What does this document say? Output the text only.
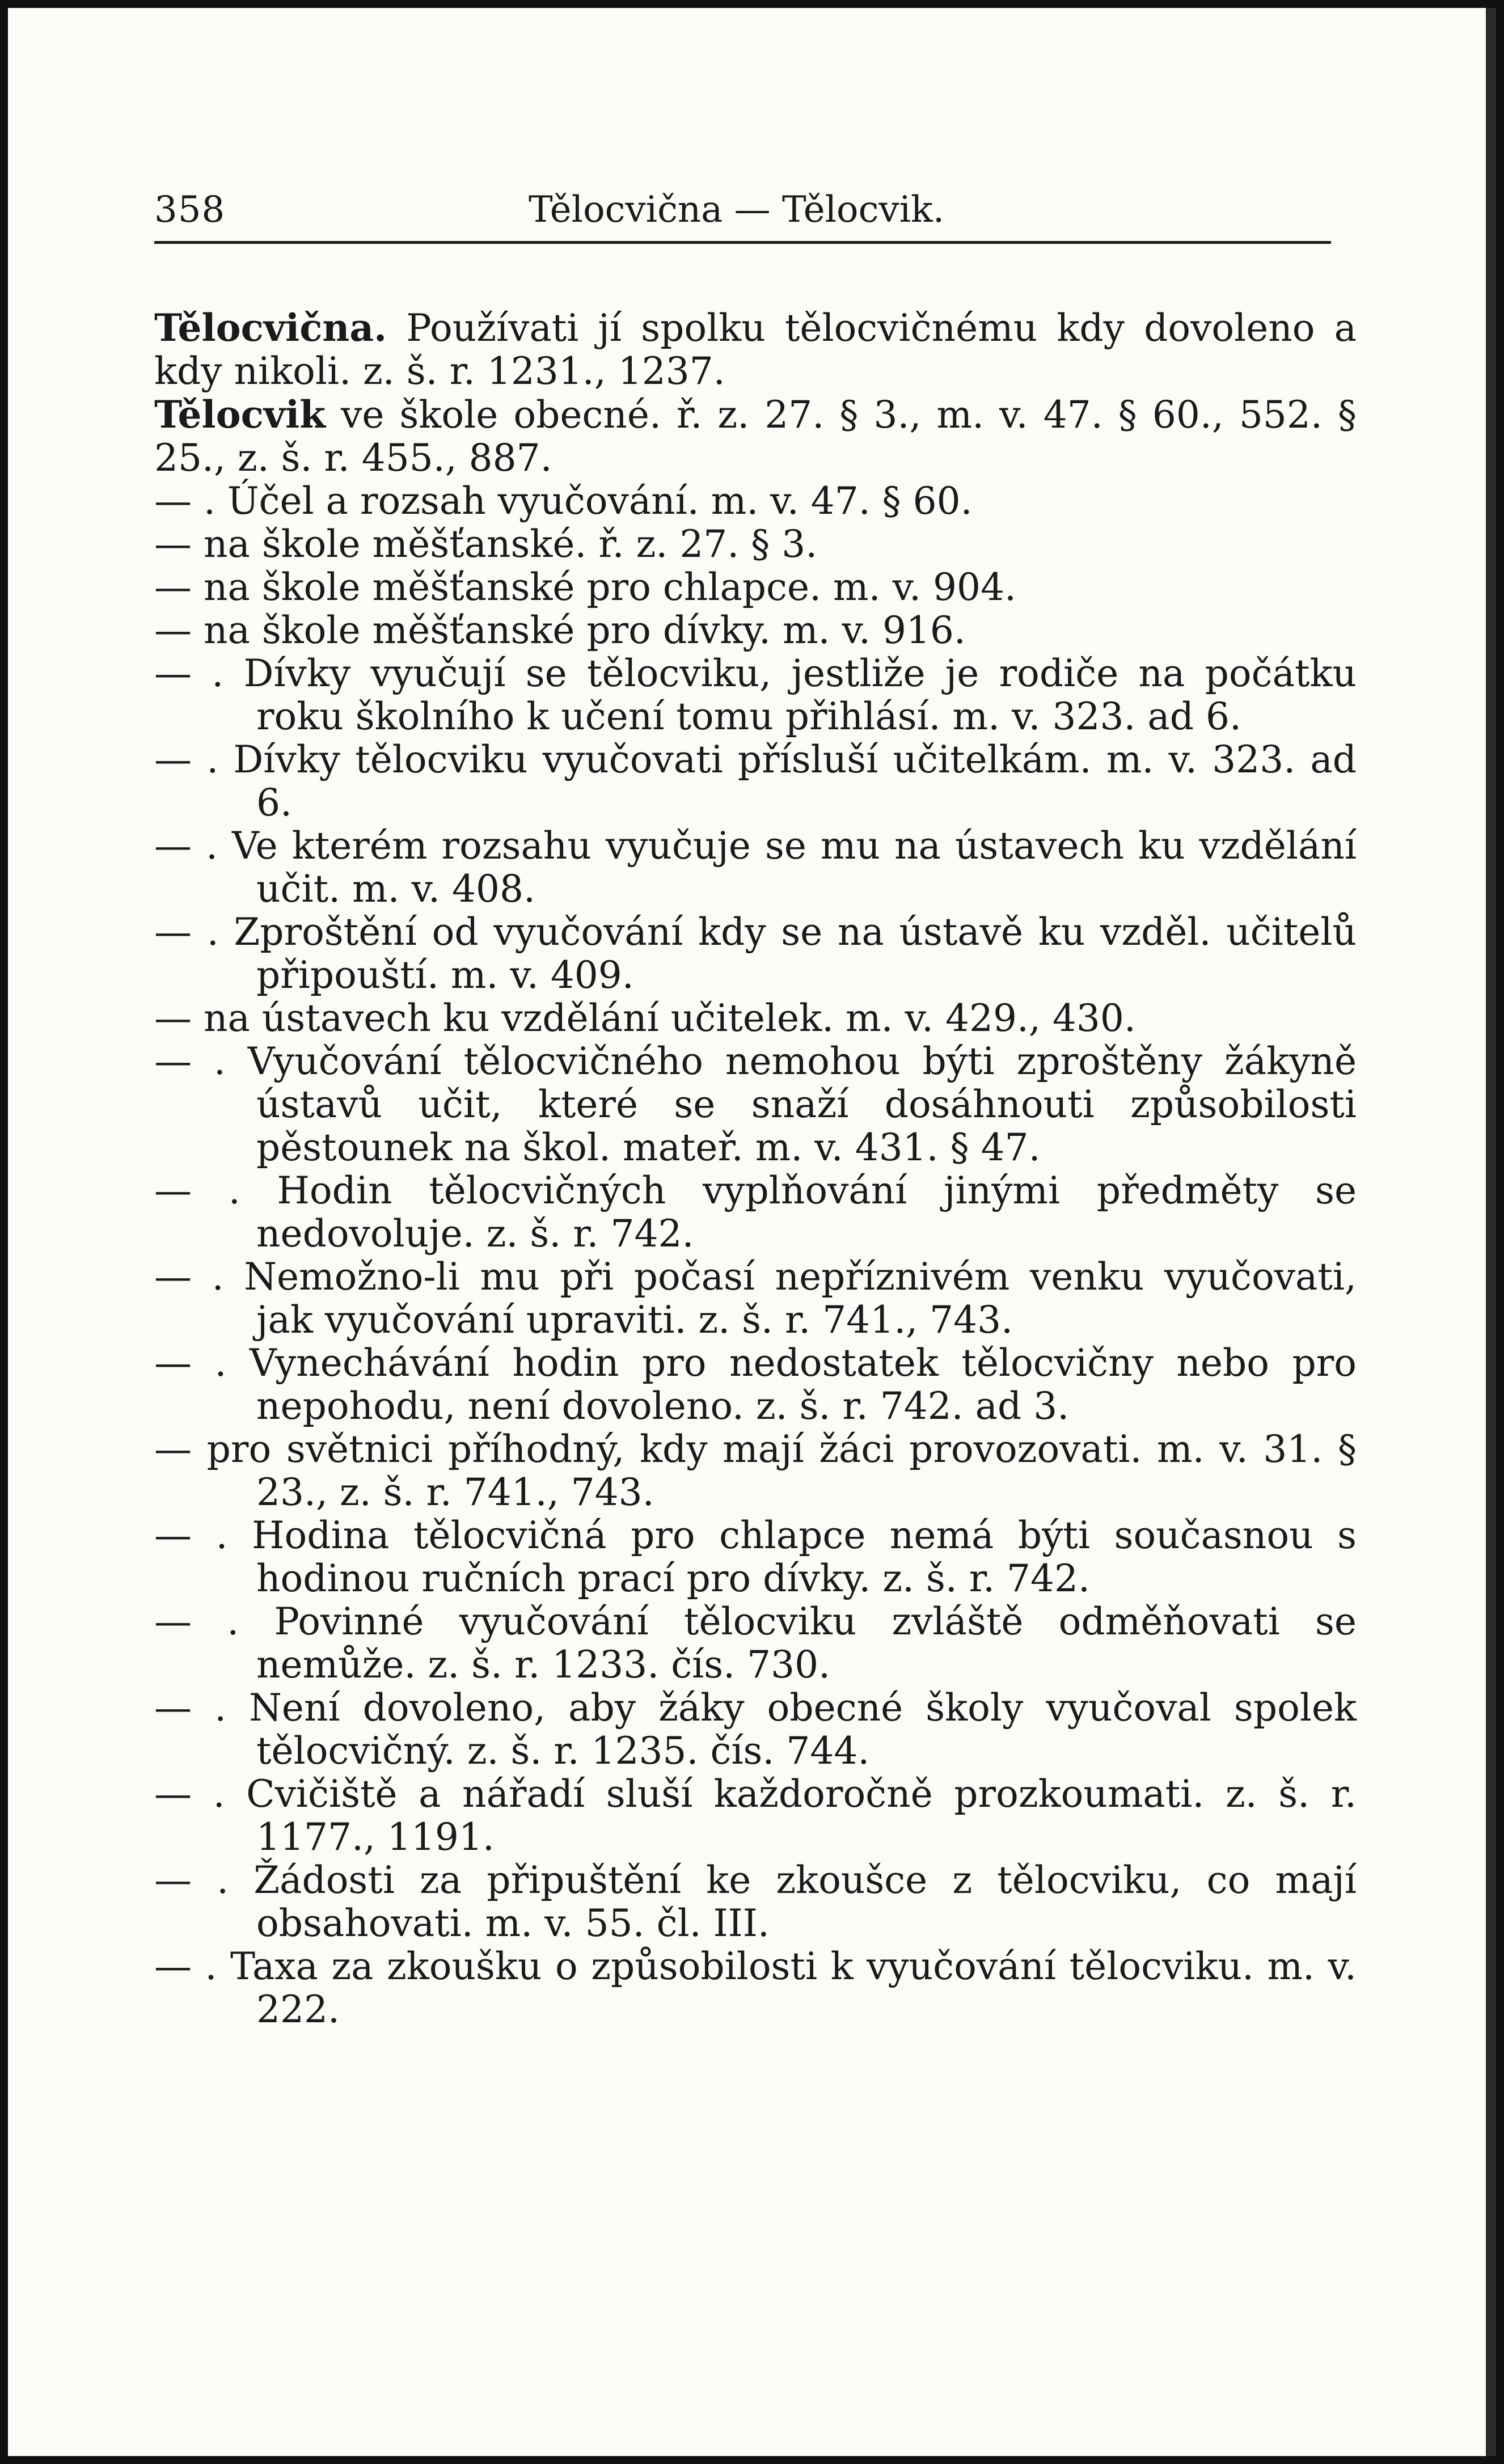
358	Tělocvična — Tělocvik.

Tělocvična. Používati jí spolku tělocvičnému kdy dovoleno a kdy nikoli. z. š. r. 1231., 1237.

Tělocvik ve škole obecné. ř. z. 27. § 3., m. v. 47. § 60., 552. § 25., z. š. r. 455., 887.

— . Účel a rozsah vyučování. m. v. 47. § 60.

— na škole měšťanské. ř. z. 27. § 3.

— na škole měšťanské pro chlapce. m. v. 904.

— na škole měšťanské pro dívky. m. v. 916.

— . Dívky vyučují se tělocviku, jestliže je rodiče na počátku roku školního k učení tomu přihlásí. m. v. 323. ad 6.

— . Dívky tělocviku vyučovati přísluší učitelkám. m. v. 323. ad 6.

— . Ve kterém rozsahu vyučuje se mu na ústavech ku vzdělání učit. m. v. 408.

— . Zproštění od vyučování kdy se na ústavě ku vzděl. učitelů připouští. m. v. 409.

— na ústavech ku vzdělání učitelek. m. v. 429., 430.

— . Vyučování tělocvičného nemohou býti zproštěny žákyně ústavů učit, které se snaží dosáhnouti způsobilosti pěstounek na škol. mateř. m. v. 431. § 47.

— . Hodin tělocvičných vyplňování jinými předměty se nedovoluje. z. š. r. 742.

— . Nemožno-li mu při počasí nepříznivém venku vyučovati, jak vyučování upraviti. z. š. r. 741., 743.

— . Vynechávání hodin pro nedostatek tělocvičny nebo pro nepohodu, není dovoleno. z. š. r. 742. ad 3.

— pro světnici příhodný, kdy mají žáci provozovati. m. v. 31. § 23., z. š. r. 741., 743.

— . Hodina tělocvičná pro chlapce nemá býti současnou s hodinou ručních prací pro dívky. z. š. r. 742.

— . Povinné vyučování tělocviku zvláště odměňovati se nemůže. z. š. r. 1233. čís. 730.

— . Není dovoleno, aby žáky obecné školy vyučoval spolek tělocvičný. z. š. r. 1235. čís. 744.

— . Cvičiště a nářadí sluší každoročně prozkoumati. z. š. r. 1177., 1191.

— . Žádosti za připuštění ke zkoušce z tělocviku, co mají obsahovati. m. v. 55. čl. III.

— . Taxa za zkoušku o způsobilosti k vyučování tělocviku. m. v. 222.
